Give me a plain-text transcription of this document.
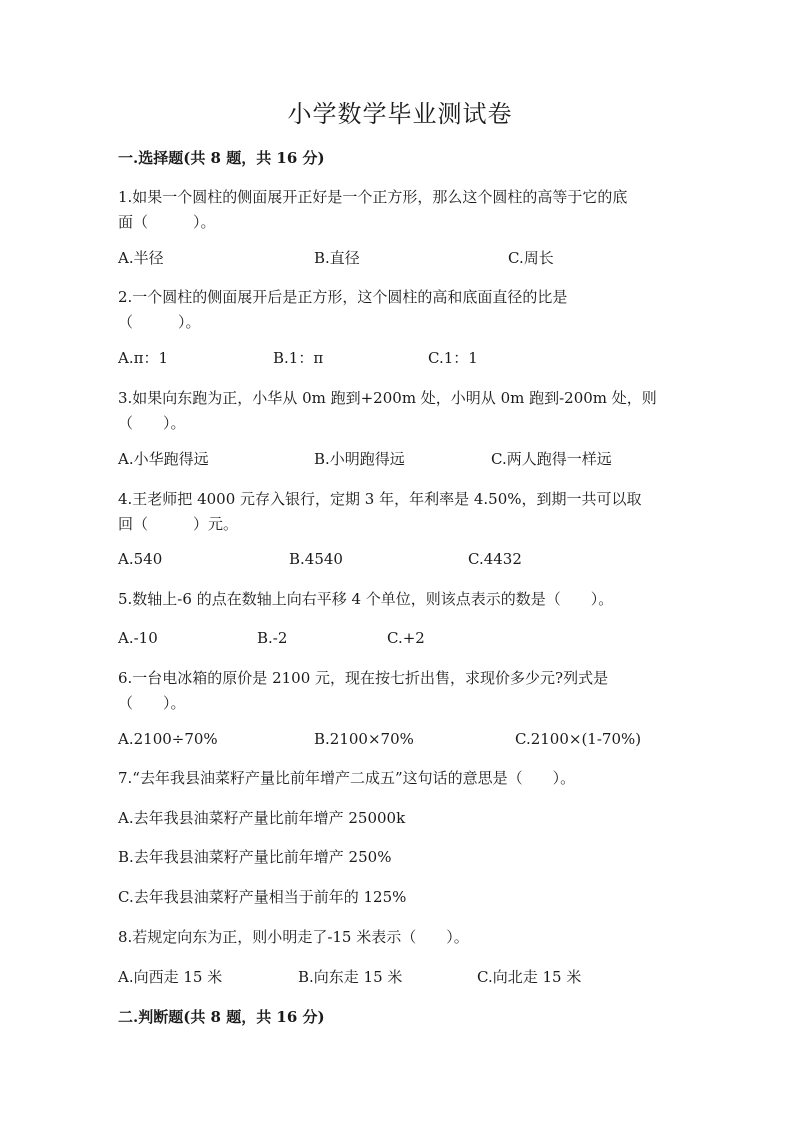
小学数学毕业测试卷
一.选择题(共 8 题，共 16 分)
1.如果一个圆柱的侧面展开正好是一个正方形，那么这个圆柱的高等于它的底
面（　　　）。
A.半径	B.直径	C.周长
2.一个圆柱的侧面展开后是正方形，这个圆柱的高和底面直径的比是
（　　　）。
A.π：1	B.1：π	C.1：1
3.如果向东跑为正，小华从 0m 跑到+200m 处，小明从 0m 跑到-200m 处，则
（　　）。
A.小华跑得远	B.小明跑得远	C.两人跑得一样远
4.王老师把 4000 元存入银行，定期 3 年，年利率是 4.50%，到期一共可以取
回（　　　）元。
A.540	B.4540	C.4432
5.数轴上-6 的点在数轴上向右平移 4 个单位，则该点表示的数是（　　）。
A.-10	B.-2	C.+2
6.一台电冰箱的原价是 2100 元，现在按七折出售，求现价多少元?列式是
（　　）。
A.2100÷70%	B.2100×70%	C.2100×(1-70%)
7.“去年我县油菜籽产量比前年增产二成五”这句话的意思是（　　）。
A.去年我县油菜籽产量比前年增产 25000k
B.去年我县油菜籽产量比前年增产 250%
C.去年我县油菜籽产量相当于前年的 125%
8.若规定向东为正，则小明走了-15 米表示（　　）。
A.向西走 15 米	B.向东走 15 米	C.向北走 15 米
二.判断题(共 8 题，共 16 分)
